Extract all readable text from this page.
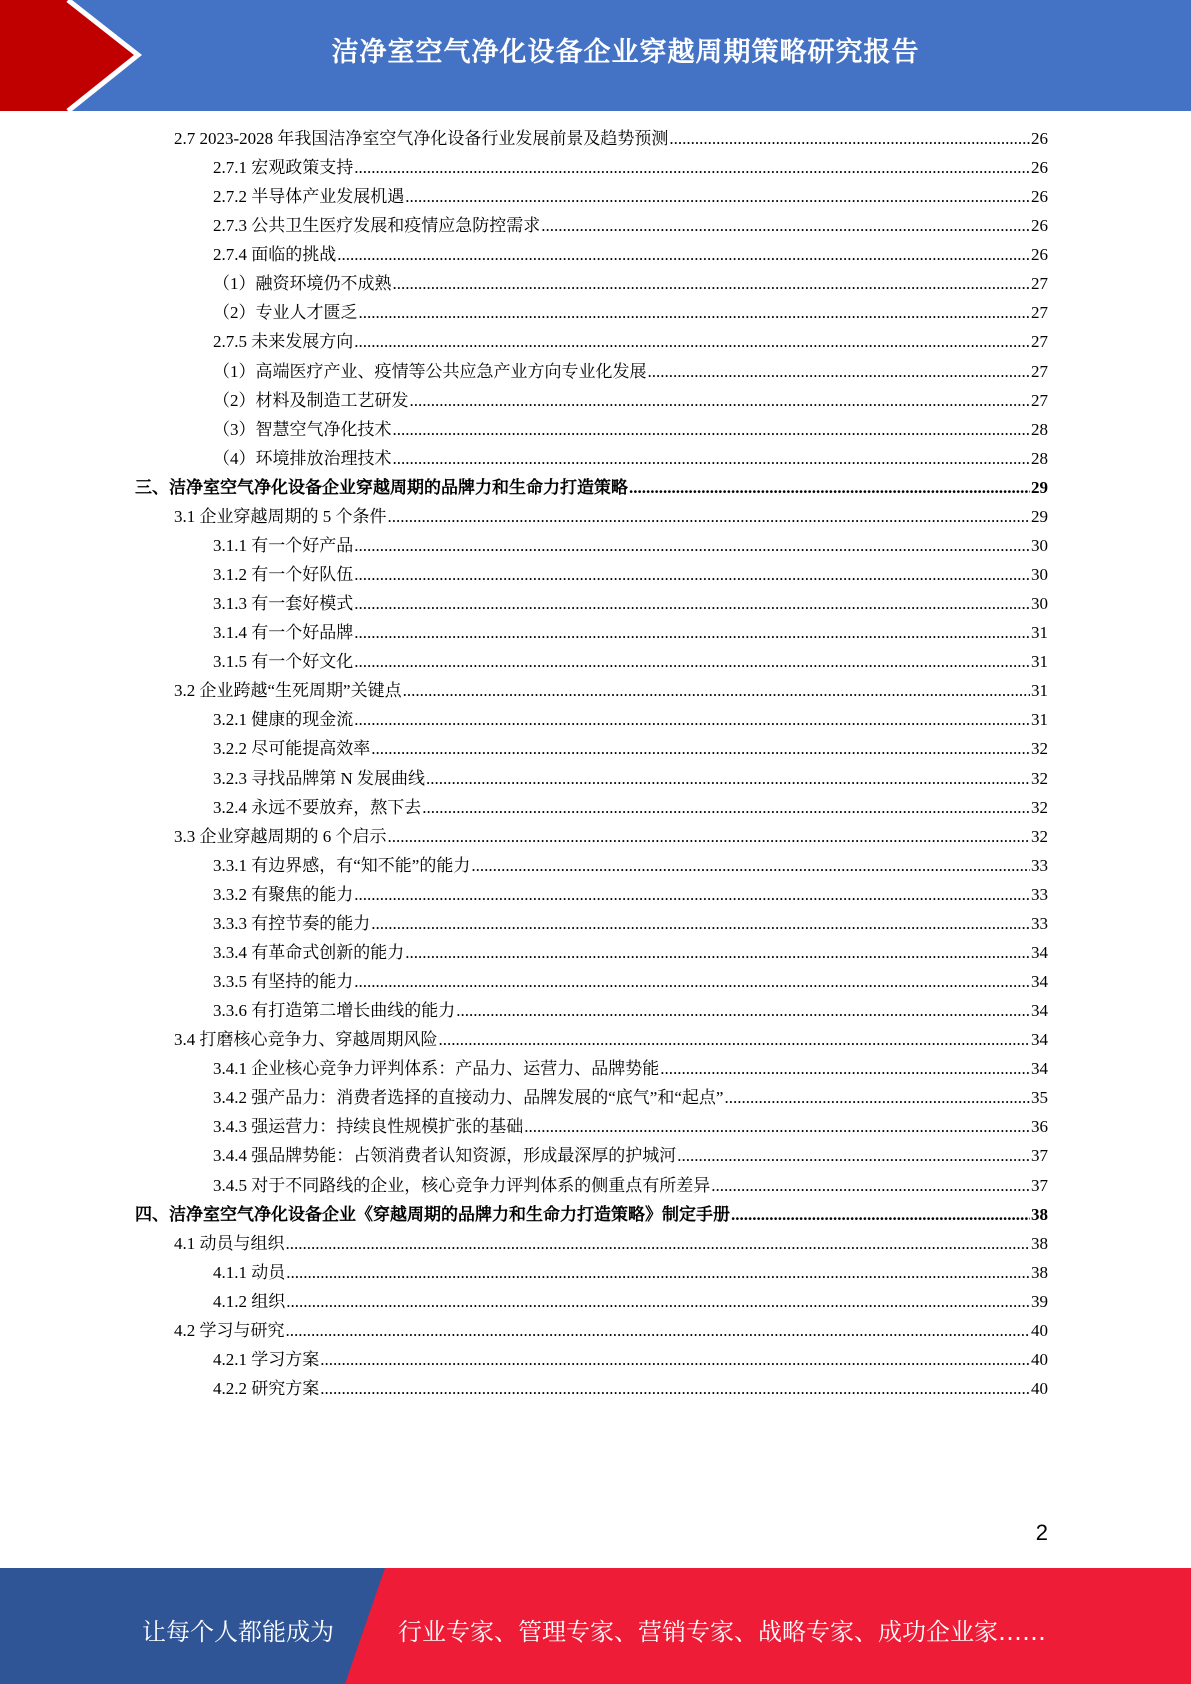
洁净室空气净化设备企业穿越周期策略研究报告
2.7 2023-2028 年我国洁净室空气净化设备行业发展前景及趋势预测 .....	26
2.7.1 宏观政策支持 .....	26
2.7.2 半导体产业发展机遇 .....	26
2.7.3 公共卫生医疗发展和疫情应急防控需求 .....	26
2.7.4 面临的挑战 .....	26
（1）融资环境仍不成熟 .....	27
（2）专业人才匮乏 .....	27
2.7.5 未来发展方向 .....	27
（1）高端医疗产业、疫情等公共应急产业方向专业化发展 .....	27
（2）材料及制造工艺研发 .....	27
（3）智慧空气净化技术 .....	28
（4）环境排放治理技术 .....	28
三、洁净室空气净化设备企业穿越周期的品牌力和生命力打造策略 .....	29
3.1 企业穿越周期的 5 个条件 .....	29
3.1.1 有一个好产品 .....	30
3.1.2 有一个好队伍 .....	30
3.1.3 有一套好模式 .....	30
3.1.4 有一个好品牌 .....	31
3.1.5 有一个好文化 .....	31
3.2 企业跨越“生死周期”关键点 .....	31
3.2.1 健康的现金流 .....	31
3.2.2 尽可能提高效率 .....	32
3.2.3 寻找品牌第 N 发展曲线 .....	32
3.2.4 永远不要放弃，熬下去 .....	32
3.3 企业穿越周期的 6 个启示 .....	32
3.3.1 有边界感，有“知不能”的能力 .....	33
3.3.2 有聚焦的能力 .....	33
3.3.3 有控节奏的能力 .....	33
3.3.4 有革命式创新的能力 .....	34
3.3.5 有坚持的能力 .....	34
3.3.6 有打造第二增长曲线的能力 .....	34
3.4 打磨核心竞争力、穿越周期风险 .....	34
3.4.1 企业核心竞争力评判体系：产品力、运营力、品牌势能 .....	34
3.4.2 强产品力：消费者选择的直接动力、品牌发展的“底气”和“起点” .....	35
3.4.3 强运营力：持续良性规模扩张的基础 .....	36
3.4.4 强品牌势能：占领消费者认知资源，形成最深厚的护城河 .....	37
3.4.5 对于不同路线的企业，核心竞争力评判体系的侧重点有所差异 .....	37
四、洁净室空气净化设备企业《穿越周期的品牌力和生命力打造策略》制定手册 .....	38
4.1 动员与组织 .....	38
4.1.1 动员 .....	38
4.1.2 组织 .....	39
4.2 学习与研究 .....	40
4.2.1 学习方案 .....	40
4.2.2 研究方案 .....	40
2
让每个人都能成为	行业专家、管理专家、营销专家、战略专家、成功企业家……
